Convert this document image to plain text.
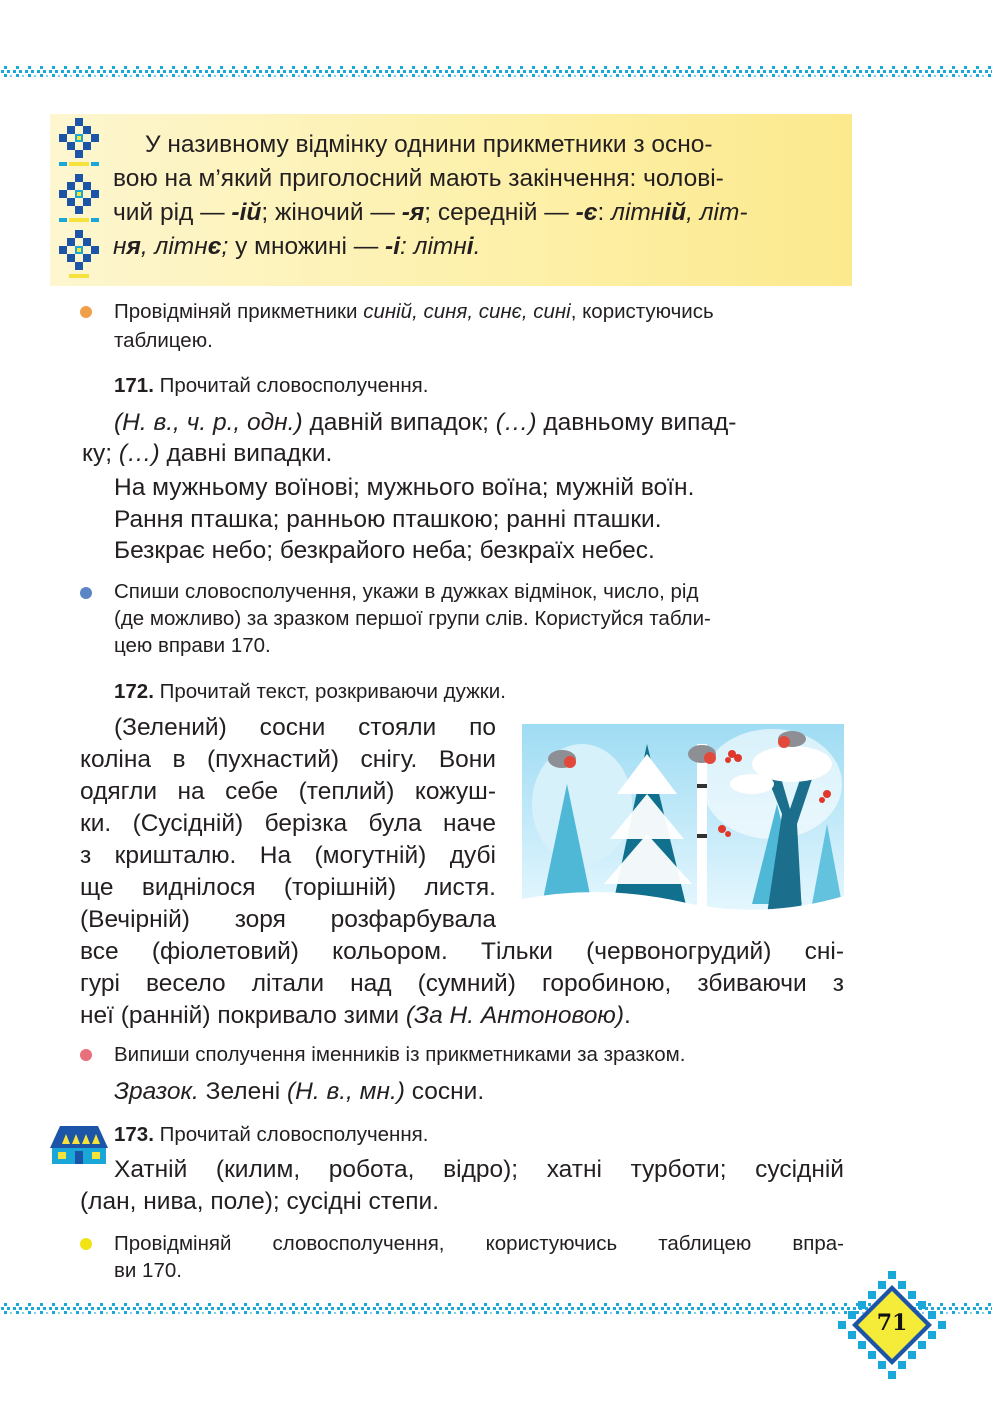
У називному відмінку однини прикметники з осно-
вою на м’який приголосний мають закінчення: чолові-
чий рід — -ій; жіночий — -я; середній — -є: літній, літ-
ня, літнє; у множині — -і: літні.

Провідміняй прикметники синій, синя, синє, сині, користуючись

таблицею.

171. Прочитай словосполучення.

(Н. в., ч. р., одн.) давній випадок; (…) давньому випад-

ку; (…) давні випадки.

На мужньому воїнові; мужнього воїна; мужній воїн.

Рання пташка; ранньою пташкою; ранні пташки.

Безкрає небо; безкрайого неба; безкраїх небес.

Спиши словосполучення, укажи в дужках відмінок, число, рід

(де можливо) за зразком першої групи слів. Користуйся табли-

цею вправи 170.

172. Прочитай текст, розкриваючи дужки.

(Зелений) сосни стояли по

коліна в (пухнастий) снігу. Вони

одягли на себе (теплий) кожуш-

ки. (Сусідній) берізка була наче

з кришталю. На (могутній) дубі

ще виднілося (торішній) листя.

(Вечірній) зоря розфарбувала

все (фіолетовий) кольором. Тільки (червоногрудий) сні-

гурі весело літали над (сумний) горобиною, збиваючи з

неї (ранній) покривало зими (За Н. Антоновою).

Випиши сполучення іменників із прикметниками за зразком.

Зразок. Зелені (Н. в., мн.) сосни.

173. Прочитай словосполучення.

Хатній (килим, робота, відро); хатні турботи; сусідній

(лан, нива, поле); сусідні степи.

Провідміняй словосполучення, користуючись таблицею впра-

ви 170.

71
